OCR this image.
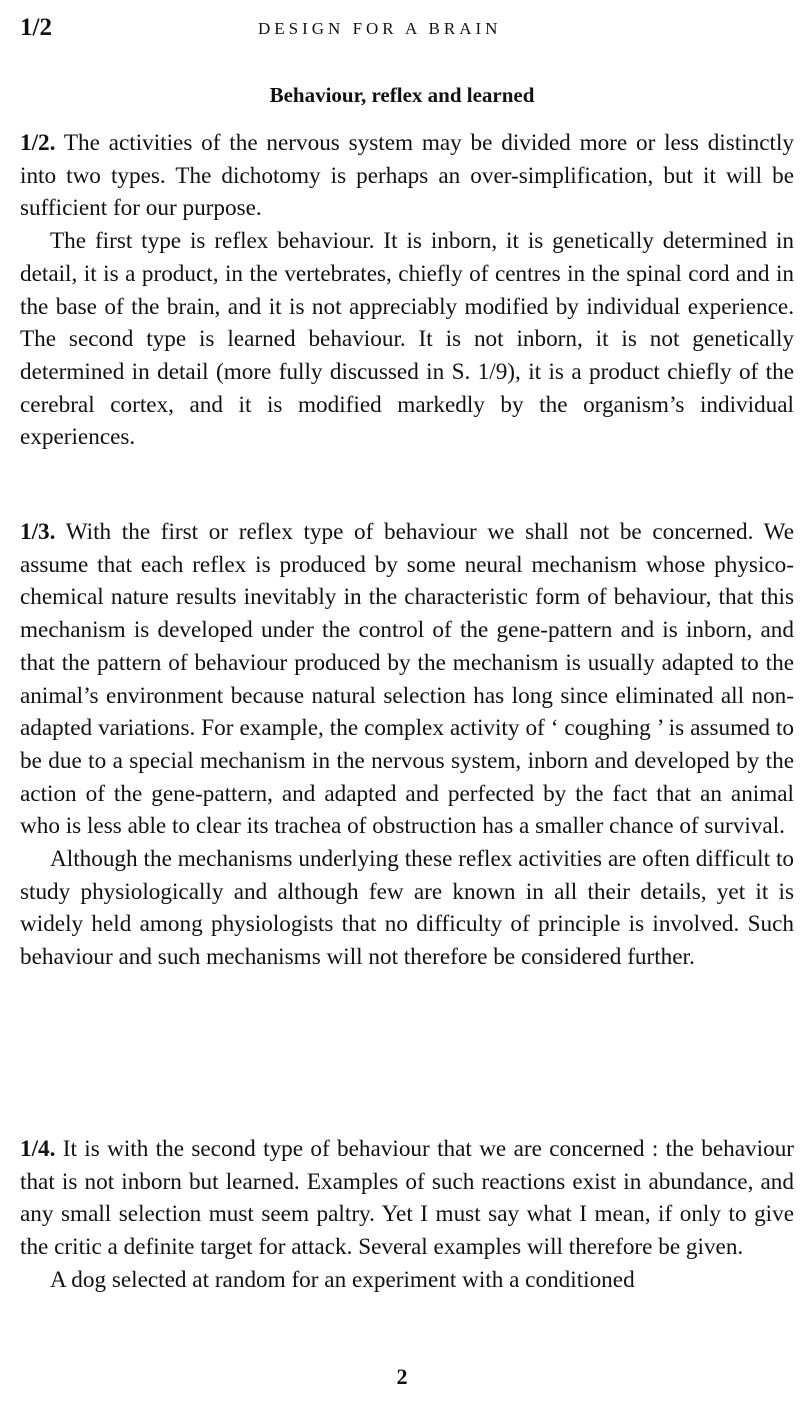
1/2	DESIGN FOR A BRAIN
Behaviour, reflex and learned

1/2. The activities of the nervous system may be divided more or less distinctly into two types. The dichotomy is perhaps an over-simplification, but it will be sufficient for our purpose.

The first type is reflex behaviour. It is inborn, it is genetically determined in detail, it is a product, in the vertebrates, chiefly of centres in the spinal cord and in the base of the brain, and it is not appreciably modified by individual experience. The second type is learned behaviour. It is not inborn, it is not genetically determined in detail (more fully discussed in S. 1/9), it is a product chiefly of the cerebral cortex, and it is modified markedly by the organism’s individual experiences.

1/3. With the first or reflex type of behaviour we shall not be concerned. We assume that each reflex is produced by some neural mechanism whose physico-chemical nature results inevitably in the characteristic form of behaviour, that this mechanism is developed under the control of the gene-pattern and is inborn, and that the pattern of behaviour produced by the mechanism is usually adapted to the animal’s environment because natural selection has long since eliminated all non-adapted variations. For example, the complex activity of ‘ coughing ’ is assumed to be due to a special mechanism in the nervous system, inborn and developed by the action of the gene-pattern, and adapted and perfected by the fact that an animal who is less able to clear its trachea of obstruction has a smaller chance of survival.

Although the mechanisms underlying these reflex activities are often difficult to study physiologically and although few are known in all their details, yet it is widely held among physiologists that no difficulty of principle is involved. Such behaviour and such mechanisms will not therefore be considered further.

1/4. It is with the second type of behaviour that we are concerned : the behaviour that is not inborn but learned. Examples of such reactions exist in abundance, and any small selection must seem paltry. Yet I must say what I mean, if only to give the critic a definite target for attack. Several examples will therefore be given.

A dog selected at random for an experiment with a conditioned

2
